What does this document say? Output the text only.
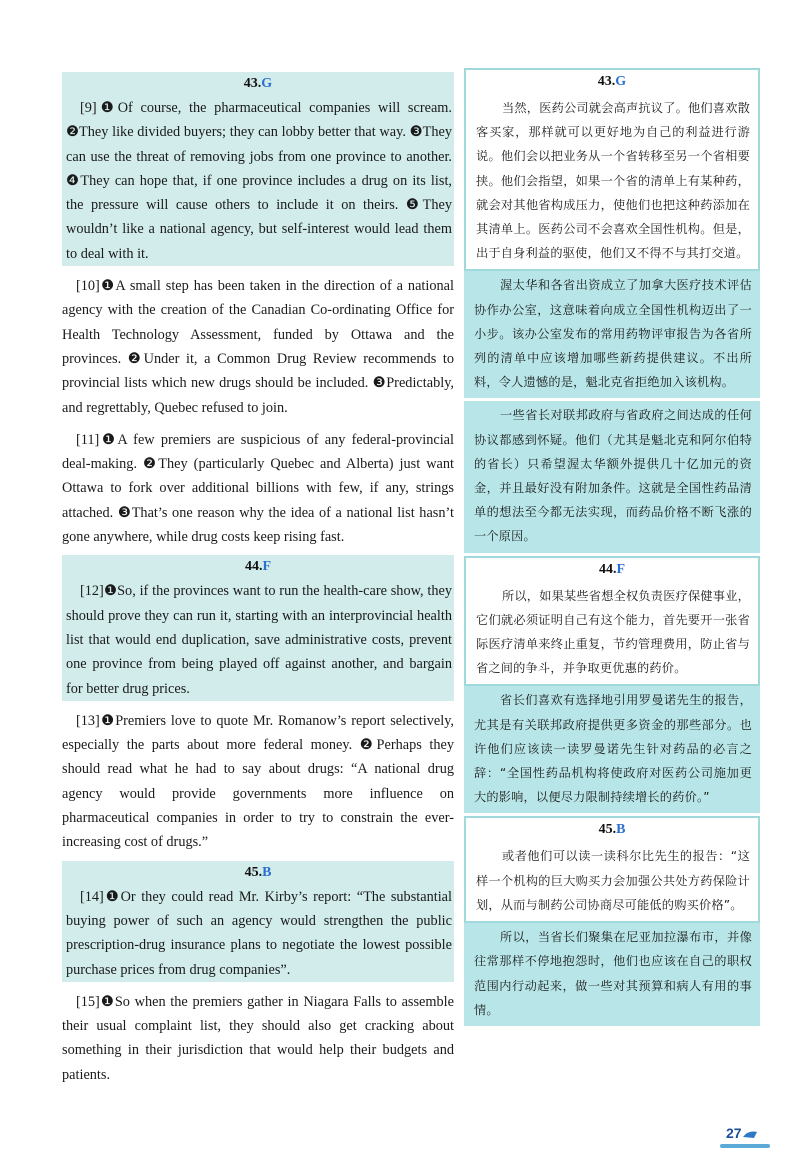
43.G

[9]❶Of course, the pharmaceutical companies will scream. ❷They like divided buyers; they can lobby better that way. ❸They can use the threat of removing jobs from one province to another. ❹They can hope that, if one province includes a drug on its list, the pressure will cause others to include it on theirs. ❺They wouldn’t like a national agency, but self-interest would lead them to deal with it.

[10]❶A small step has been taken in the direction of a national agency with the creation of the Canadian Co-ordinating Office for Health Technology Assessment, funded by Ottawa and the provinces. ❷Under it, a Common Drug Review recommends to provincial lists which new drugs should be included. ❸Predictably, and regrettably, Quebec refused to join.

[11]❶A few premiers are suspicious of any federal-provincial deal-making. ❷They (particularly Quebec and Alberta) just want Ottawa to fork over additional billions with few, if any, strings attached. ❸That’s one reason why the idea of a national list hasn’t gone anywhere, while drug costs keep rising fast.

44.F

[12]❶So, if the provinces want to run the health-care show, they should prove they can run it, starting with an interprovincial health list that would end duplication, save administrative costs, prevent one province from being played off against another, and bargain for better drug prices.

[13]❶Premiers love to quote Mr. Romanow’s report selectively, especially the parts about more federal money. ❷Perhaps they should read what he had to say about drugs: “A national drug agency would provide governments more influence on pharmaceutical companies in order to try to constrain the ever-increasing cost of drugs.”

45.B

[14]❶Or they could read Mr. Kirby’s report: “The substantial buying power of such an agency would strengthen the public prescription-drug insurance plans to negotiate the lowest possible purchase prices from drug companies”.

[15]❶So when the premiers gather in Niagara Falls to assemble their usual complaint list, they should also get cracking about something in their jurisdiction that would help their budgets and patients.

43.G

当然，医药公司就会高声抗议了。他们喜欢散客买家，那样就可以更好地为自己的利益进行游说。他们会以把业务从一个省转移至另一个省相要挟。他们会指望，如果一个省的清单上有某种药，就会对其他省构成压力，使他们也把这种药添加在其清单上。医药公司不会喜欢全国性机构。但是，出于自身利益的驱使，他们又不得不与其打交道。

渥太华和各省出资成立了加拿大医疗技术评估协作办公室，这意味着向成立全国性机构迈出了一小步。该办公室发布的常用药物评审报告为各省所列的清单中应该增加哪些新药提供建议。不出所料，令人遗憾的是，魁北克省拒绝加入该机构。

一些省长对联邦政府与省政府之间达成的任何协议都感到怀疑。他们（尤其是魁北克和阿尔伯特的省长）只希望渥太华额外提供几十亿加元的资金，并且最好没有附加条件。这就是全国性药品清单的想法至今都无法实现，而药品价格不断飞涨的一个原因。

44.F

所以，如果某些省想全权负责医疗保健事业，它们就必须证明自己有这个能力，首先要开一张省际医疗清单来终止重复，节约管理费用，防止省与省之间的争斗，并争取更优惠的药价。

省长们喜欢有选择地引用罗曼诺先生的报告，尤其是有关联邦政府提供更多资金的那些部分。也许他们应该读一读罗曼诺先生针对药品的必言之辞：“全国性药品机构将使政府对医药公司施加更大的影响，以便尽力限制持续增长的药价。”

45.B

或者他们可以读一读科尔比先生的报告：“这样一个机构的巨大购买力会加强公共处方药保险计划，从而与制药公司协商尽可能低的购买价格”。

所以，当省长们聚集在尼亚加拉瀑布市，并像往常那样不停地抱怨时，他们也应该在自己的职权范围内行动起来，做一些对其预算和病人有用的事情。

27
